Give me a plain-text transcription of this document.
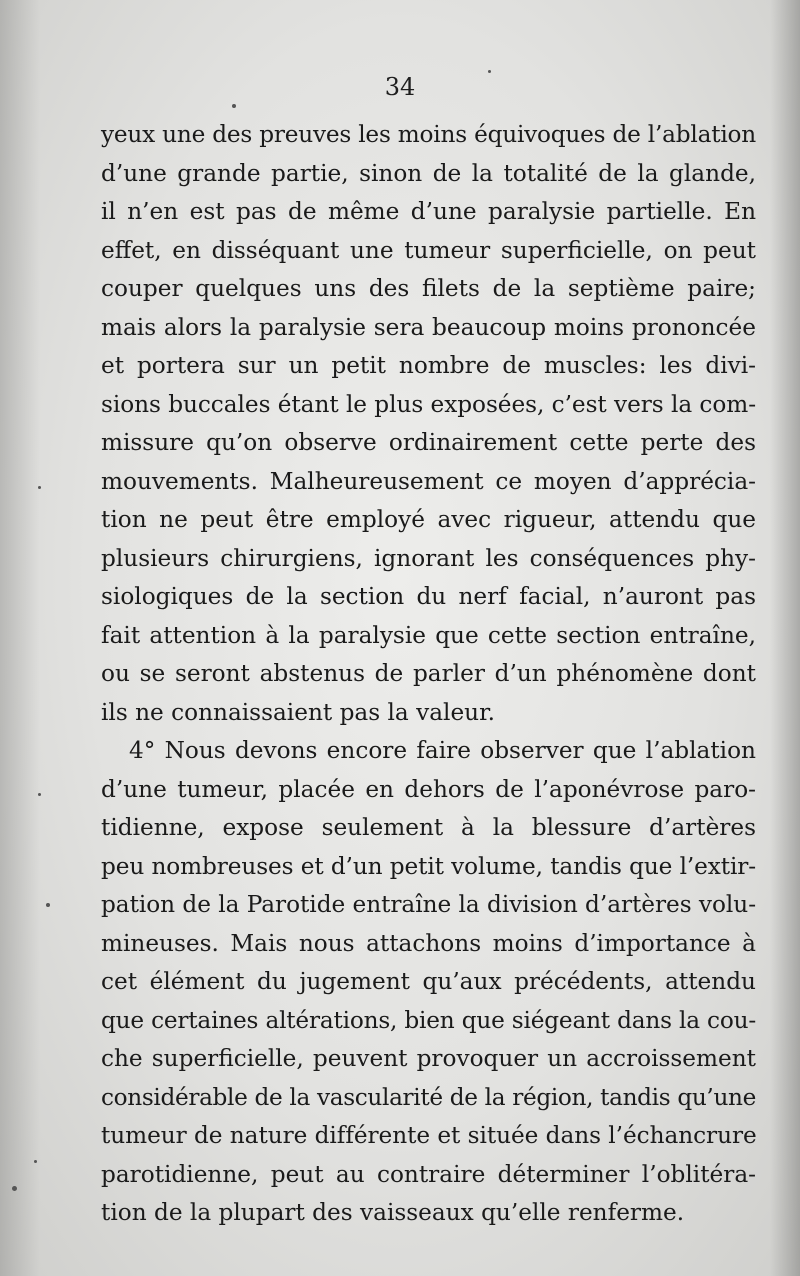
34
yeux une des preuves les moins équivoques de l’ablation
d’une grande partie, sinon de la totalité de la glande,
il n’en est pas de même d’une paralysie partielle. En
effet, en disséquant une tumeur superficielle, on peut
couper quelques uns des filets de la septième paire;
mais alors la paralysie sera beaucoup moins prononcée
et portera sur un petit nombre de muscles: les divi-
sions buccales étant le plus exposées, c’est vers la com-
missure qu’on observe ordinairement cette perte des
mouvements. Malheureusement ce moyen d’apprécia-
tion ne peut être employé avec rigueur, attendu que
plusieurs chirurgiens, ignorant les conséquences phy-
siologiques de la section du nerf facial, n’auront pas
fait attention à la paralysie que cette section entraîne,
ou se seront abstenus de parler d’un phénomène dont
ils ne connaissaient pas la valeur.
4° Nous devons encore faire observer que l’ablation
d’une tumeur, placée en dehors de l’aponévrose paro-
tidienne, expose seulement à la blessure d’artères
peu nombreuses et d’un petit volume, tandis que l’extir-
pation de la Parotide entraîne la division d’artères volu-
mineuses. Mais nous attachons moins d’importance à
cet élément du jugement qu’aux précédents, attendu
que certaines altérations, bien que siégeant dans la cou-
che superficielle, peuvent provoquer un accroissement
considérable de la vascularité de la région, tandis qu’une
tumeur de nature différente et située dans l’échancrure
parotidienne, peut au contraire déterminer l’oblitéra-
tion de la plupart des vaisseaux qu’elle renferme.
